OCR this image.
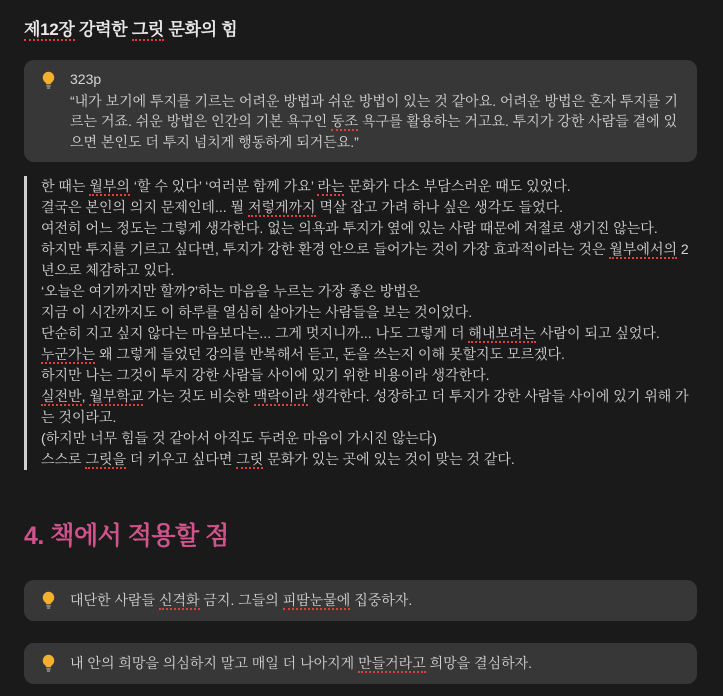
제12장 강력한 그릿 문화의 힘
323p
“내가 보기에 투지를 기르는 어려운 방법과 쉬운 방법이 있는 것 같아요. 어려운 방법은 혼자 투지를 기르는 거죠. 쉬운 방법은 인간의 기본 욕구인 동조 욕구를 활용하는 거고요. 투지가 강한 사람들 곁에 있으면 본인도 더 투지 넘치게 행동하게 되거든요.”
한 때는 월부의 ‘할 수 있다’ ‘여러분 함께 가요’ 라는 문화가 다소 부담스러운 때도 있었다.
결국은 본인의 의지 문제인데... 뭘 저렇게까지 멱살 잡고 가려 하나 싶은 생각도 들었다.
여전히 어느 정도는 그렇게 생각한다. 없는 의욕과 투지가 옆에 있는 사람 때문에 저절로 생기진 않는다.
하지만 투지를 기르고 싶다면, 투지가 강한 환경 안으로 들어가는 것이 가장 효과적이라는 것은 월부에서의 2년으로 체감하고 있다.
‘오늘은 여기까지만 할까?’하는 마음을 누르는 가장 좋은 방법은
지금 이 시간까지도 이 하루를 열심히 살아가는 사람들을 보는 것이었다.
단순히 지고 싶지 않다는 마음보다는... 그게 멋지니까... 나도 그렇게 더 해내보려는 사람이 되고 싶었다.
누군가는 왜 그렇게 들었던 강의를 반복해서 듣고, 돈을 쓰는지 이해 못할지도 모르겠다.
하지만 나는 그것이 투지 강한 사람들 사이에 있기 위한 비용이라 생각한다.
실전반, 월부학교 가는 것도 비슷한 맥락이라 생각한다. 성장하고 더 투지가 강한 사람들 사이에 있기 위해 가는 것이라고.
(하지만 너무 힘들 것 같아서 아직도 두려운 마음이 가시진 않는다)
스스로 그릿을 더 키우고 싶다면 그릿 문화가 있는 곳에 있는 것이 맞는 것 같다.
4. 책에서 적용할 점
대단한 사람들 신격화 금지. 그들의 피땀눈물에 집중하자.
내 안의 희망을 의심하지 말고 매일 더 나아지게 만들거라고 희망을 결심하자.
